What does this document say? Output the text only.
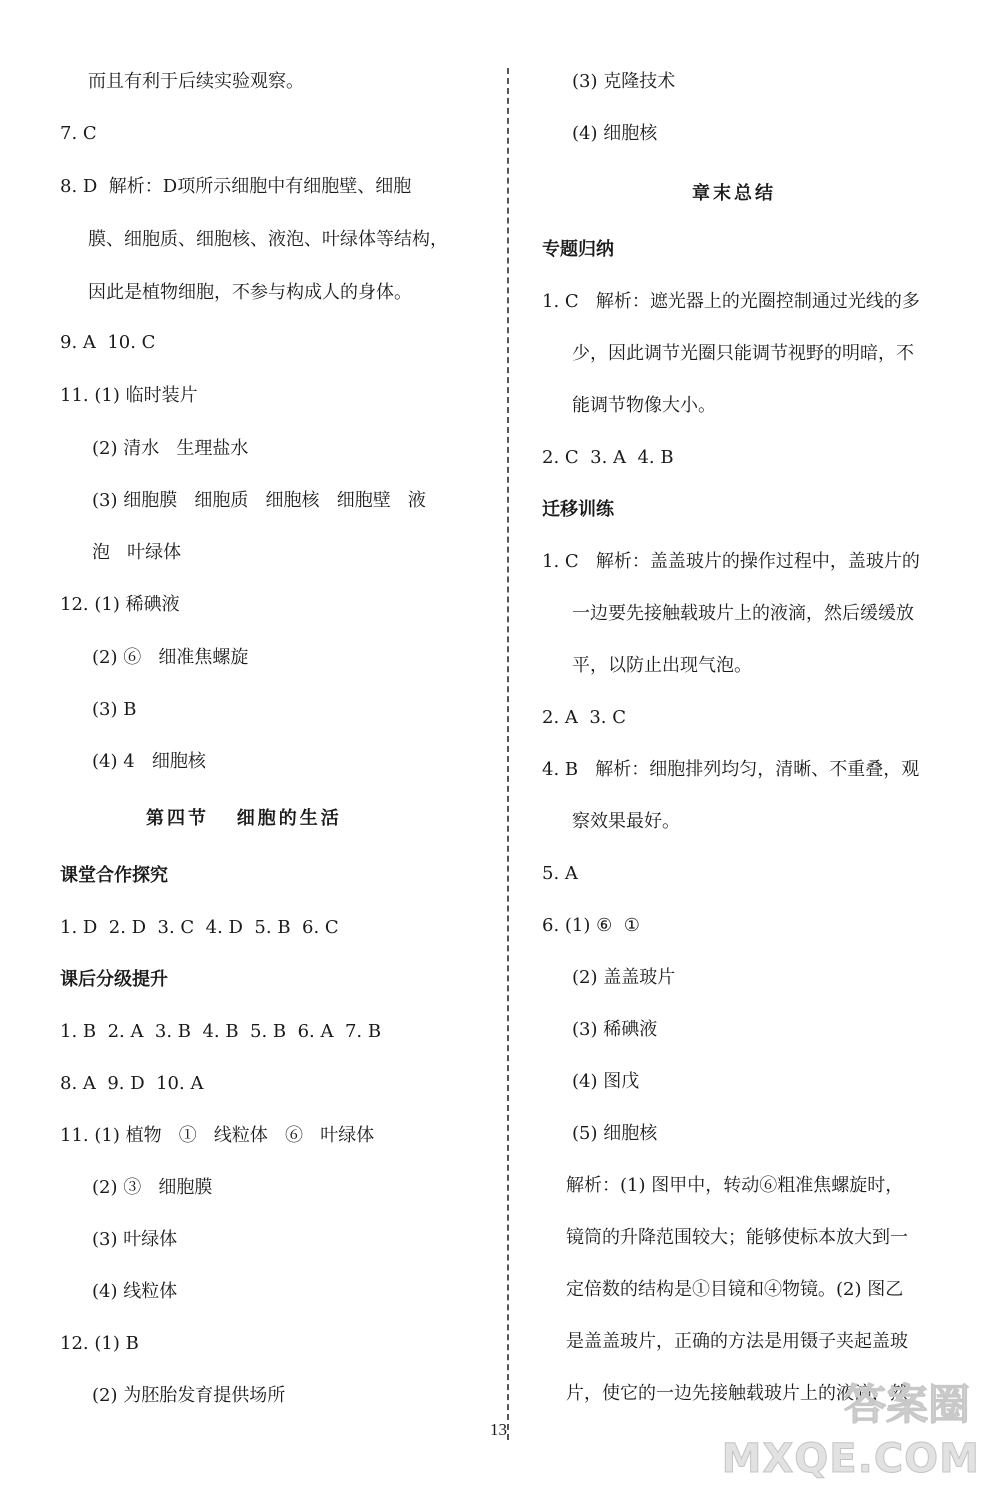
而且有利于后续实验观察。
7. C
8. D  解析：D项所示细胞中有细胞壁、细胞
膜、细胞质、细胞核、液泡、叶绿体等结构，
因此是植物细胞，不参与构成人的身体。
9. A  10. C
11. (1) 临时装片
(2) 清水   生理盐水
(3) 细胞膜   细胞质   细胞核   细胞壁   液
泡   叶绿体
12. (1) 稀碘液
(2) ⑥   细准焦螺旋
(3) B
(4) 4   细胞核
第四节   细胞的生活
课堂合作探究
1. D  2. D  3. C  4. D  5. B  6. C
课后分级提升
1. B  2. A  3. B  4. B  5. B  6. A  7. B
8. A  9. D  10. A
11. (1) 植物   ①   线粒体   ⑥   叶绿体
(2) ③   细胞膜
(3) 叶绿体
(4) 线粒体
12. (1) B
(2) 为胚胎发育提供场所
(3) 克隆技术
(4) 细胞核
章末总结
专题归纳
1. C   解析：遮光器上的光圈控制通过光线的多
少，因此调节光圈只能调节视野的明暗，不
能调节物像大小。
2. C  3. A  4. B
迁移训练
1. C   解析：盖盖玻片的操作过程中，盖玻片的
一边要先接触载玻片上的液滴，然后缓缓放
平，以防止出现气泡。
2. A  3. C
4. B   解析：细胞排列均匀，清晰、不重叠，观
察效果最好。
5. A
6. (1) ⑥  ①
(2) 盖盖玻片
(3) 稀碘液
(4) 图戊
(5) 细胞核
解析：(1) 图甲中，转动⑥粗准焦螺旋时，
镜筒的升降范围较大；能够使标本放大到一
定倍数的结构是①目镜和④物镜。(2) 图乙
是盖盖玻片，正确的方法是用镊子夹起盖玻
片，使它的一边先接触载玻片上的液滴，然
13
答案圈
MXQE.COM
